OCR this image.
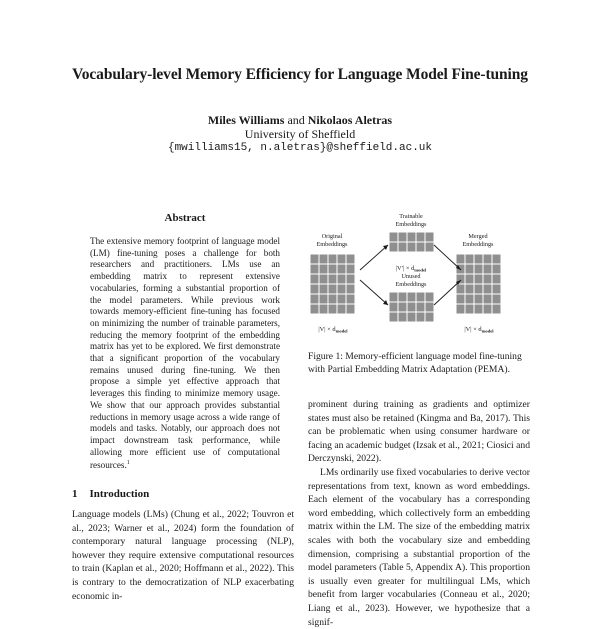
Vocabulary-level Memory Efficiency for Language Model Fine-tuning
Miles Williams and Nikolaos Aletras
University of Sheffield
{mwilliams15, n.aletras}@sheffield.ac.uk
Abstract

The extensive memory footprint of language model (LM) fine-tuning poses a challenge for both researchers and practitioners. LMs use an embedding matrix to represent extensive vocabularies, forming a substantial proportion of the model parameters. While previous work towards memory-efficient fine-tuning has focused on minimizing the number of trainable parameters, reducing the memory footprint of the embedding matrix has yet to be explored. We first demonstrate that a significant proportion of the vocabulary remains unused during fine-tuning. We then propose a simple yet effective approach that leverages this finding to minimize memory usage. We show that our approach provides substantial reductions in memory usage across a wide range of models and tasks. Notably, our approach does not impact downstream task performance, while allowing more efficient use of computational resources.$^1$

1 Introduction

Language models (LMs) (Chung et al., 2022; Touvron et al., 2023; Warner et al., 2024) form the foundation of contemporary natural language processing (NLP), however they require extensive computational resources to train (Kaplan et al., 2020; Hoffmann et al., 2022). This is contrary to the democratization of NLP exacerbating economic in-

Original
Embeddings
Trainable
Embeddings
Unused
Embeddings
Merged
Embeddings
$|V'| \times d_{model}$
$|V| \times d_{model}$	$|V| \times d_{model}$
Figure 1: Memory-efficient language model fine-tuning with Partial Embedding Matrix Adaptation (PEMA).

prominent during training as gradients and optimizer states must also be retained (Kingma and Ba, 2017). This can be problematic when using consumer hardware or facing an academic budget (Izsak et al., 2021; Ciosici and Derczynski, 2022).

LMs ordinarily use fixed vocabularies to derive vector representations from text, known as word embeddings. Each element of the vocabulary has a corresponding word embedding, which collectively form an embedding matrix within the LM. The size of the embedding matrix scales with both the vocabulary size and embedding dimension, comprising a substantial proportion of the model parameters (Table 5, Appendix A). This proportion is usually even greater for multilingual LMs, which benefit from larger vocabularies (Conneau et al., 2020; Liang et al., 2023). However, we hypothesize that a signif-
